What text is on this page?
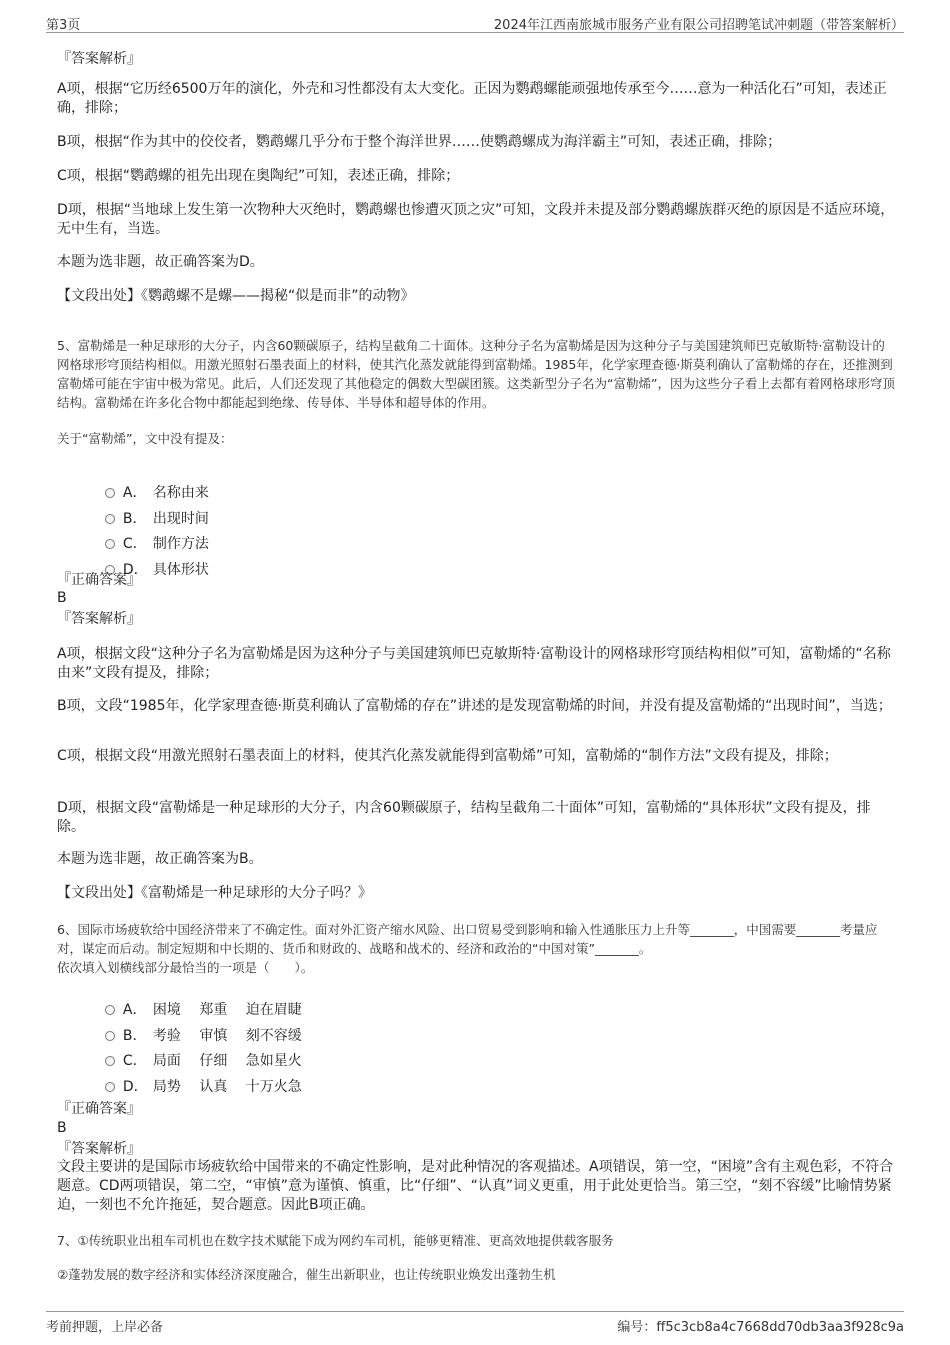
第3页	2024年江西南旅城市服务产业有限公司招聘笔试冲刺题（带答案解析）

『答案解析』

A项，根据“它历经6500万年的演化，外壳和习性都没有太大变化。正因为鹦鹉螺能顽强地传承至今……意为一种活化石”可知，表述正确，排除；

B项，根据“作为其中的佼佼者，鹦鹉螺几乎分布于整个海洋世界……使鹦鹉螺成为海洋霸主”可知，表述正确，排除；

C项，根据“鹦鹉螺的祖先出现在奥陶纪”可知，表述正确，排除；

D项，根据“当地球上发生第一次物种大灭绝时，鹦鹉螺也惨遭灭顶之灾”可知，文段并未提及部分鹦鹉螺族群灭绝的原因是不适应环境，无中生有，当选。

本题为选非题，故正确答案为D。

【文段出处】《鹦鹉螺不是螺——揭秘“似是而非”的动物》

5、富勒烯是一种足球形的大分子，内含60颗碳原子，结构呈截角二十面体。这种分子名为富勒烯是因为这种分子与美国建筑师巴克敏斯特·富勒设计的网格球形穹顶结构相似。用激光照射石墨表面上的材料，使其汽化蒸发就能得到富勒烯。1985年，化学家理查德·斯莫利确认了富勒烯的存在，还推测到富勒烯可能在宇宙中极为常见。此后，人们还发现了其他稳定的偶数大型碳团簇。这类新型分子名为“富勒烯”，因为这些分子看上去都有着网格球形穹顶结构。富勒烯在许多化合物中都能起到绝缘、传导体、半导体和超导体的作用。

关于“富勒烯”，文中没有提及：

A． 名称由来

B． 出现时间

C． 制作方法

D． 具体形状

『正确答案』

B

『答案解析』

A项，根据文段“这种分子名为富勒烯是因为这种分子与美国建筑师巴克敏斯特·富勒设计的网格球形穹顶结构相似”可知，富勒烯的“名称由来”文段有提及，排除；

B项，文段“1985年，化学家理查德·斯莫利确认了富勒烯的存在”讲述的是发现富勒烯的时间，并没有提及富勒烯的“出现时间”，当选；

C项，根据文段“用激光照射石墨表面上的材料，使其汽化蒸发就能得到富勒烯”可知，富勒烯的“制作方法”文段有提及，排除；

D项，根据文段“富勒烯是一种足球形的大分子，内含60颗碳原子，结构呈截角二十面体”可知，富勒烯的“具体形状”文段有提及，排除。

本题为选非题，故正确答案为B。

【文段出处】《富勒烯是一种足球形的大分子吗？》

6、国际市场疲软给中国经济带来了不确定性。面对外汇资产缩水风险、出口贸易受到影响和输入性通胀压力上升等_______，中国需要_______考量应对，谋定而后动。制定短期和中长期的、货币和财政的、战略和战术的、经济和政治的“中国对策”_______。

依次填入划横线部分最恰当的一项是（　　）。

A． 困境　 郑重　 迫在眉睫

B． 考验　 审慎　 刻不容缓

C． 局面　 仔细　 急如星火

D． 局势　 认真　 十万火急

『正确答案』

B

『答案解析』

文段主要讲的是国际市场疲软给中国带来的不确定性影响，是对此种情况的客观描述。A项错误，第一空，“困境”含有主观色彩，不符合题意。CD两项错误，第二空，“审慎”意为谨慎、慎重，比“仔细”、“认真”词义更重，用于此处更恰当。第三空，“刻不容缓”比喻情势紧迫，一刻也不允许拖延，契合题意。因此B项正确。

7、①传统职业出租车司机也在数字技术赋能下成为网约车司机，能够更精准、更高效地提供载客服务

②蓬勃发展的数字经济和实体经济深度融合，催生出新职业，也让传统职业焕发出蓬勃生机

考前押题，上岸必备	编号：ff5c3cb8a4c7668dd70db3aa3f928c9a
